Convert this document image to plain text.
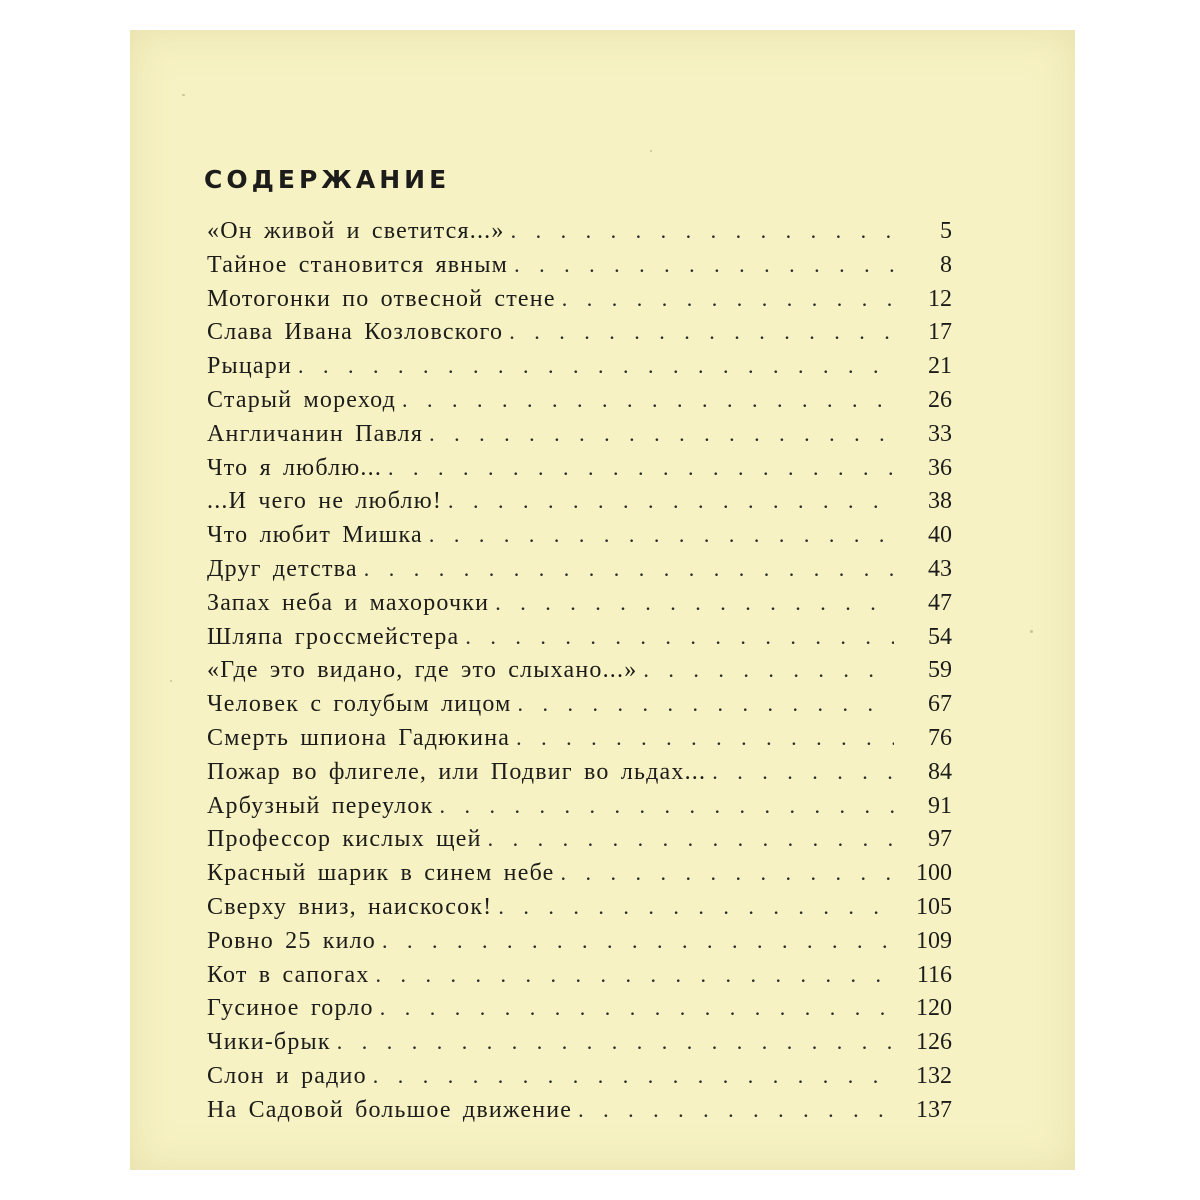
СОДЕРЖАНИЕ
«Он живой и светится...» . . .	5
Тайное становится явным . . .	8
Мотогонки по отвесной стене . . .	12
Слава Ивана Козловского . . .	17
Рыцари . . .	21
Старый мореход . . .	26
Англичанин Павля . . .	33
Что я люблю... . . .	36
...И чего не люблю! . . .	38
Что любит Мишка . . .	40
Друг детства . . .	43
Запах неба и махорочки . . .	47
Шляпа гроссмейстера . . .	54
«Где это видано, где это слыхано...» . . .	59
Человек с голубым лицом . . .	67
Смерть шпиона Гадюкина . . .	76
Пожар во флигеле, или Подвиг во льдах... . . .	84
Арбузный переулок . . .	91
Профессор кислых щей . . .	97
Красный шарик в синем небе . . .	100
Сверху вниз, наискосок! . . .	105
Ровно 25 кило . . .	109
Кот в сапогах . . .	116
Гусиное горло . . .	120
Чики-брык . . .	126
Слон и радио . . .	132
На Садовой большое движение . . .	137
